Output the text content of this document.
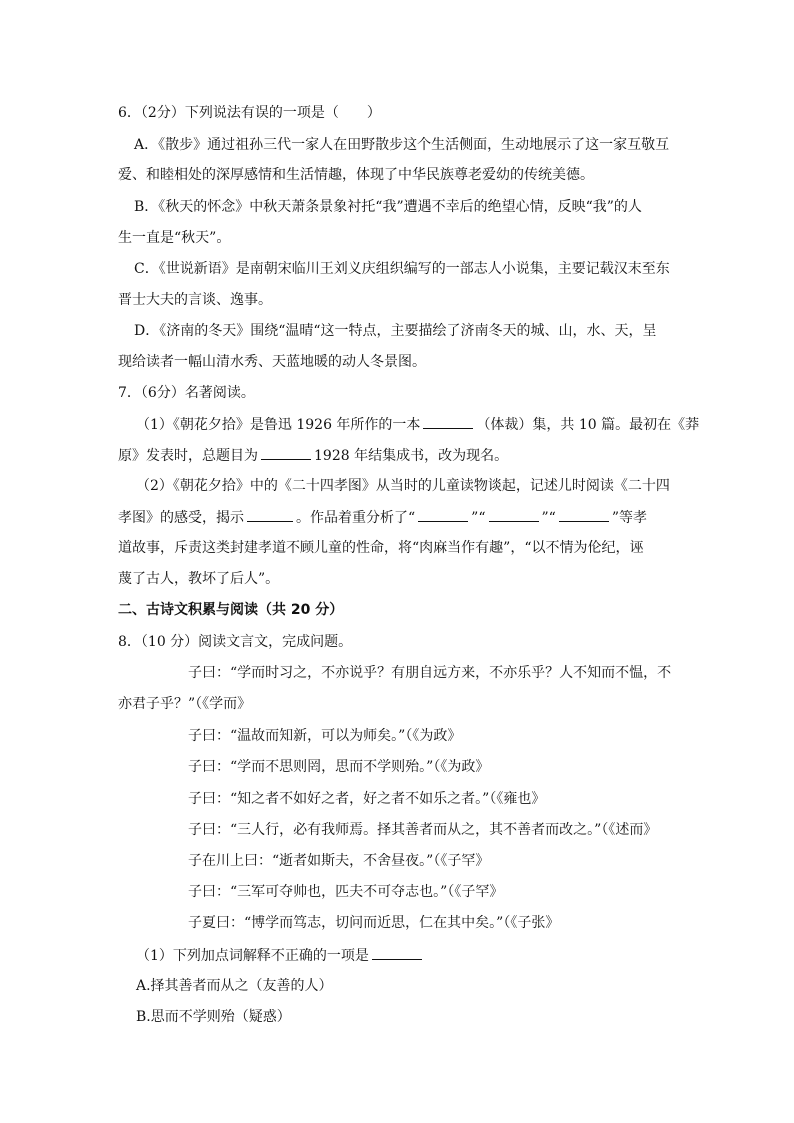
6．（2分）下列说法有误的一项是（　　）
A．《散步》通过祖孙三代一家人在田野散步这个生活侧面，生动地展示了这一家互敬互
爱、和睦相处的深厚感情和生活情趣，体现了中华民族尊老爱幼的传统美德。
B．《秋天的怀念》中秋天萧条景象衬托“我”遭遇不幸后的绝望心情，反映“我”的人
生一直是“秋天”。
C．《世说新语》是南朝宋临川王刘义庆组织编写的一部志人小说集，主要记载汉末至东
晋士大夫的言谈、逸事。
D．《济南的冬天》围绕“温晴“这一特点，主要描绘了济南冬天的城、山，水、天，呈
现给读者一幅山清水秀、天蓝地暖的动人冬景图。
7．（6分）名著阅读。
（1）《朝花夕拾》是鲁迅 1926 年所作的一本	（体裁）集，共 10 篇。最初在《莽
原》发表时，总题目为	1928 年结集成书，改为现名。
（2）《朝花夕拾》中的《二十四孝图》从当时的儿童读物谈起，记述儿时阅读《二十四
孝图》的感受，揭示	。作品着重分析了“	”“	”“	”等孝
道故事，斥责这类封建孝道不顾儿童的性命，将“肉麻当作有趣”，“以不情为伦纪，诬
蔑了古人，教坏了后人”。
二、古诗文积累与阅读（共 20 分）
8．（10 分）阅读文言文，完成问题。
子曰：“学而时习之，不亦说乎？有朋自远方来，不亦乐乎？人不知而不愠，不
亦君子乎？”（《学而》
子曰：“温故而知新，可以为师矣。”（《为政》
子曰：“学而不思则罔，思而不学则殆。”（《为政》
子曰：“知之者不如好之者，好之者不如乐之者。”（《雍也》
子曰：“三人行，必有我师焉。择其善者而从之，其不善者而改之。”（《述而》
子在川上曰：“逝者如斯夫，不舍昼夜。”（《子罕》
子曰：“三军可夺帅也，匹夫不可夺志也。”（《子罕》
子夏曰：“博学而笃志，切问而近思，仁在其中矣。”（《子张》
（1）下列加点词解释不正确的一项是
A.择其善者而从之（友善的人）
B.思而不学则殆（疑惑）
